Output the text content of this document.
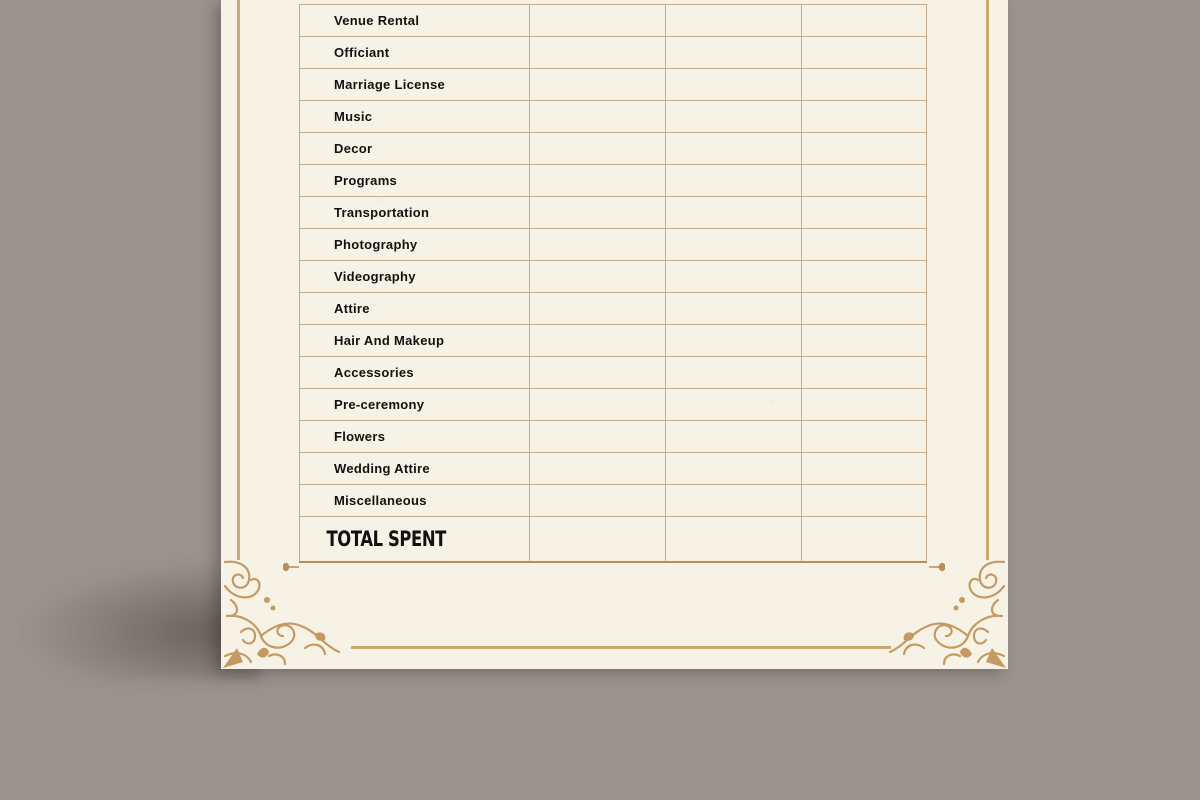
Venue Rental			

Officiant			

Marriage License			

Music			

Decor			

Programs			

Transportation			

Photography			

Videography			

Attire			

Hair And Makeup			

Accessories			

Pre-ceremony			

Flowers			

Wedding Attire			

Miscellaneous			

TOTAL SPENT			
